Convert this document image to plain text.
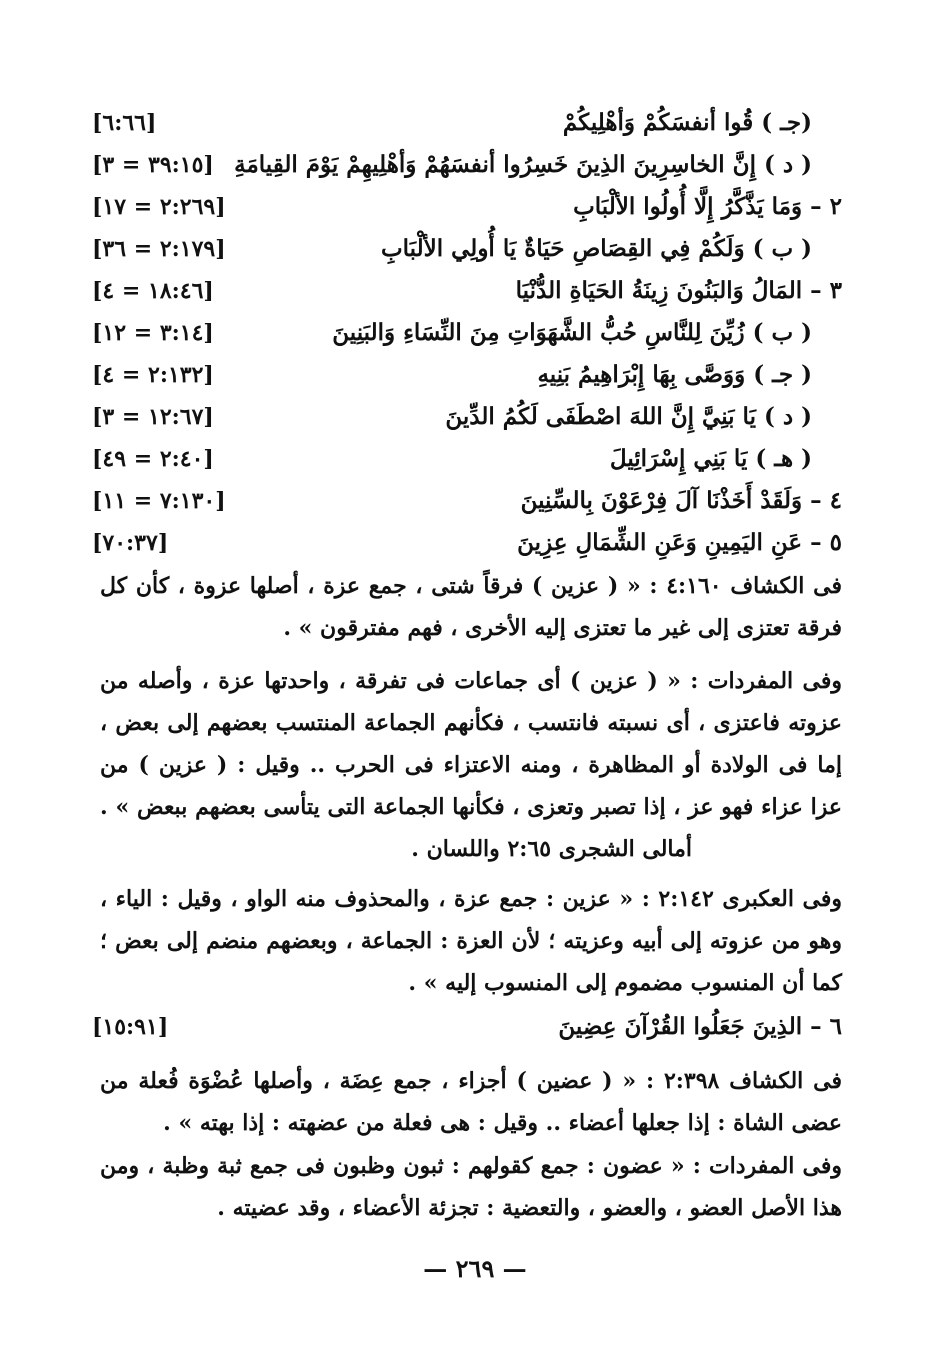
(جـ ) قُوا أنفسَكُمْ وَأهْلِيكُمْ
[٦:٦٦]
( د ) إِنَّ الخاسِرِينَ الذِينَ خَسِرُوا أنفسَهُمْ وَأهْلِيهِمْ يَوْمَ القِيامَةِ
[٣٩:١٥ = ٣]
٢ – وَمَا يَذَّكَّرُ إِلَّا أُولُوا الألْبَابِ
[٢:٢٦٩ = ١٧]
( ب ) وَلَكُمْ فِي القِصَاصِ حَيَاةٌ يَا أُولِي الألْبَابِ
[٢:١٧٩ = ٣٦]
٣ – المَالُ وَالبَنُونَ زِينَةُ الحَيَاةِ الدُّنْيَا
[١٨:٤٦ = ٤]
( ب ) زُيِّنَ لِلنَّاسِ حُبُّ الشَّهَوَاتِ مِنَ النِّسَاءِ وَالبَنِينَ
[٣:١٤ = ١٢]
( جـ ) وَوَصَّى بِهَا إِبْرَاهِيمُ بَنِيهِ
[٢:١٣٢ = ٤]
( د ) يَا بَنِيَّ إِنَّ اللهَ اصْطَفَى لَكُمُ الدِّينَ
[١٢:٦٧ = ٣]
( هـ ) يَا بَنِي إِسْرَائِيلَ
[٢:٤٠ = ٤٩]
٤ – وَلَقَدْ أَخَذْنَا آلَ فِرْعَوْنَ بِالسِّنِينَ
[٧:١٣٠ = ١١]
٥ – عَنِ اليَمِينِ وَعَنِ الشِّمَالِ عِزِينَ
[٧٠:٣٧]
فى الكشاف ٤:١٦٠ : « ( عزين ) فرقاً شتى ، جمع عزة ، أصلها عزوة ، كأن كل فرقة تعتزى إلى غير ما تعتزى إليه الأخرى ، فهم مفترقون » .
وفى المفردات : « ( عزين ) أى جماعات فى تفرقة ، واحدتها عزة ، وأصله من عزوته فاعتزى ، أى نسبته فانتسب ، فكأنهم الجماعة المنتسب بعضهم إلى بعض ، إما فى الولادة أو المظاهرة ، ومنه الاعتزاء فى الحرب .. وقيل : ( عزين ) من عزا عزاء فهو عز ، إذا تصبر وتعزى ، فكأنها الجماعة التى يتأسى بعضهم ببعض » .أمالى الشجرى ٢:٦٥ واللسان .
وفى العكبرى ٢:١٤٢ : « عزين : جمع عزة ، والمحذوف منه الواو ، وقيل : الياء ، وهو من عزوته إلى أبيه وعزيته ؛ لأن العزة : الجماعة ، وبعضهم منضم إلى بعض ؛ كما أن المنسوب مضموم إلى المنسوب إليه » .
٦ – الذِينَ جَعَلُوا القُرْآنَ عِضِينَ
[١٥:٩١]
فى الكشاف ٢:٣٩٨ : « ( عضين ) أجزاء ، جمع عِضَة ، وأصلها عُضْوَة فُعلة من عضى الشاة : إذا جعلها أعضاء .. وقيل : هى فعلة من عضهته : إذا بهته » .
وفى المفردات : « عضون : جمع كقولهم : ثبون وظبون فى جمع ثبة وظبة ، ومن هذا الأصل العضو ، والعضو ، والتعضية : تجزئة الأعضاء ، وقد عضيته .
— ٢٦٩ —
